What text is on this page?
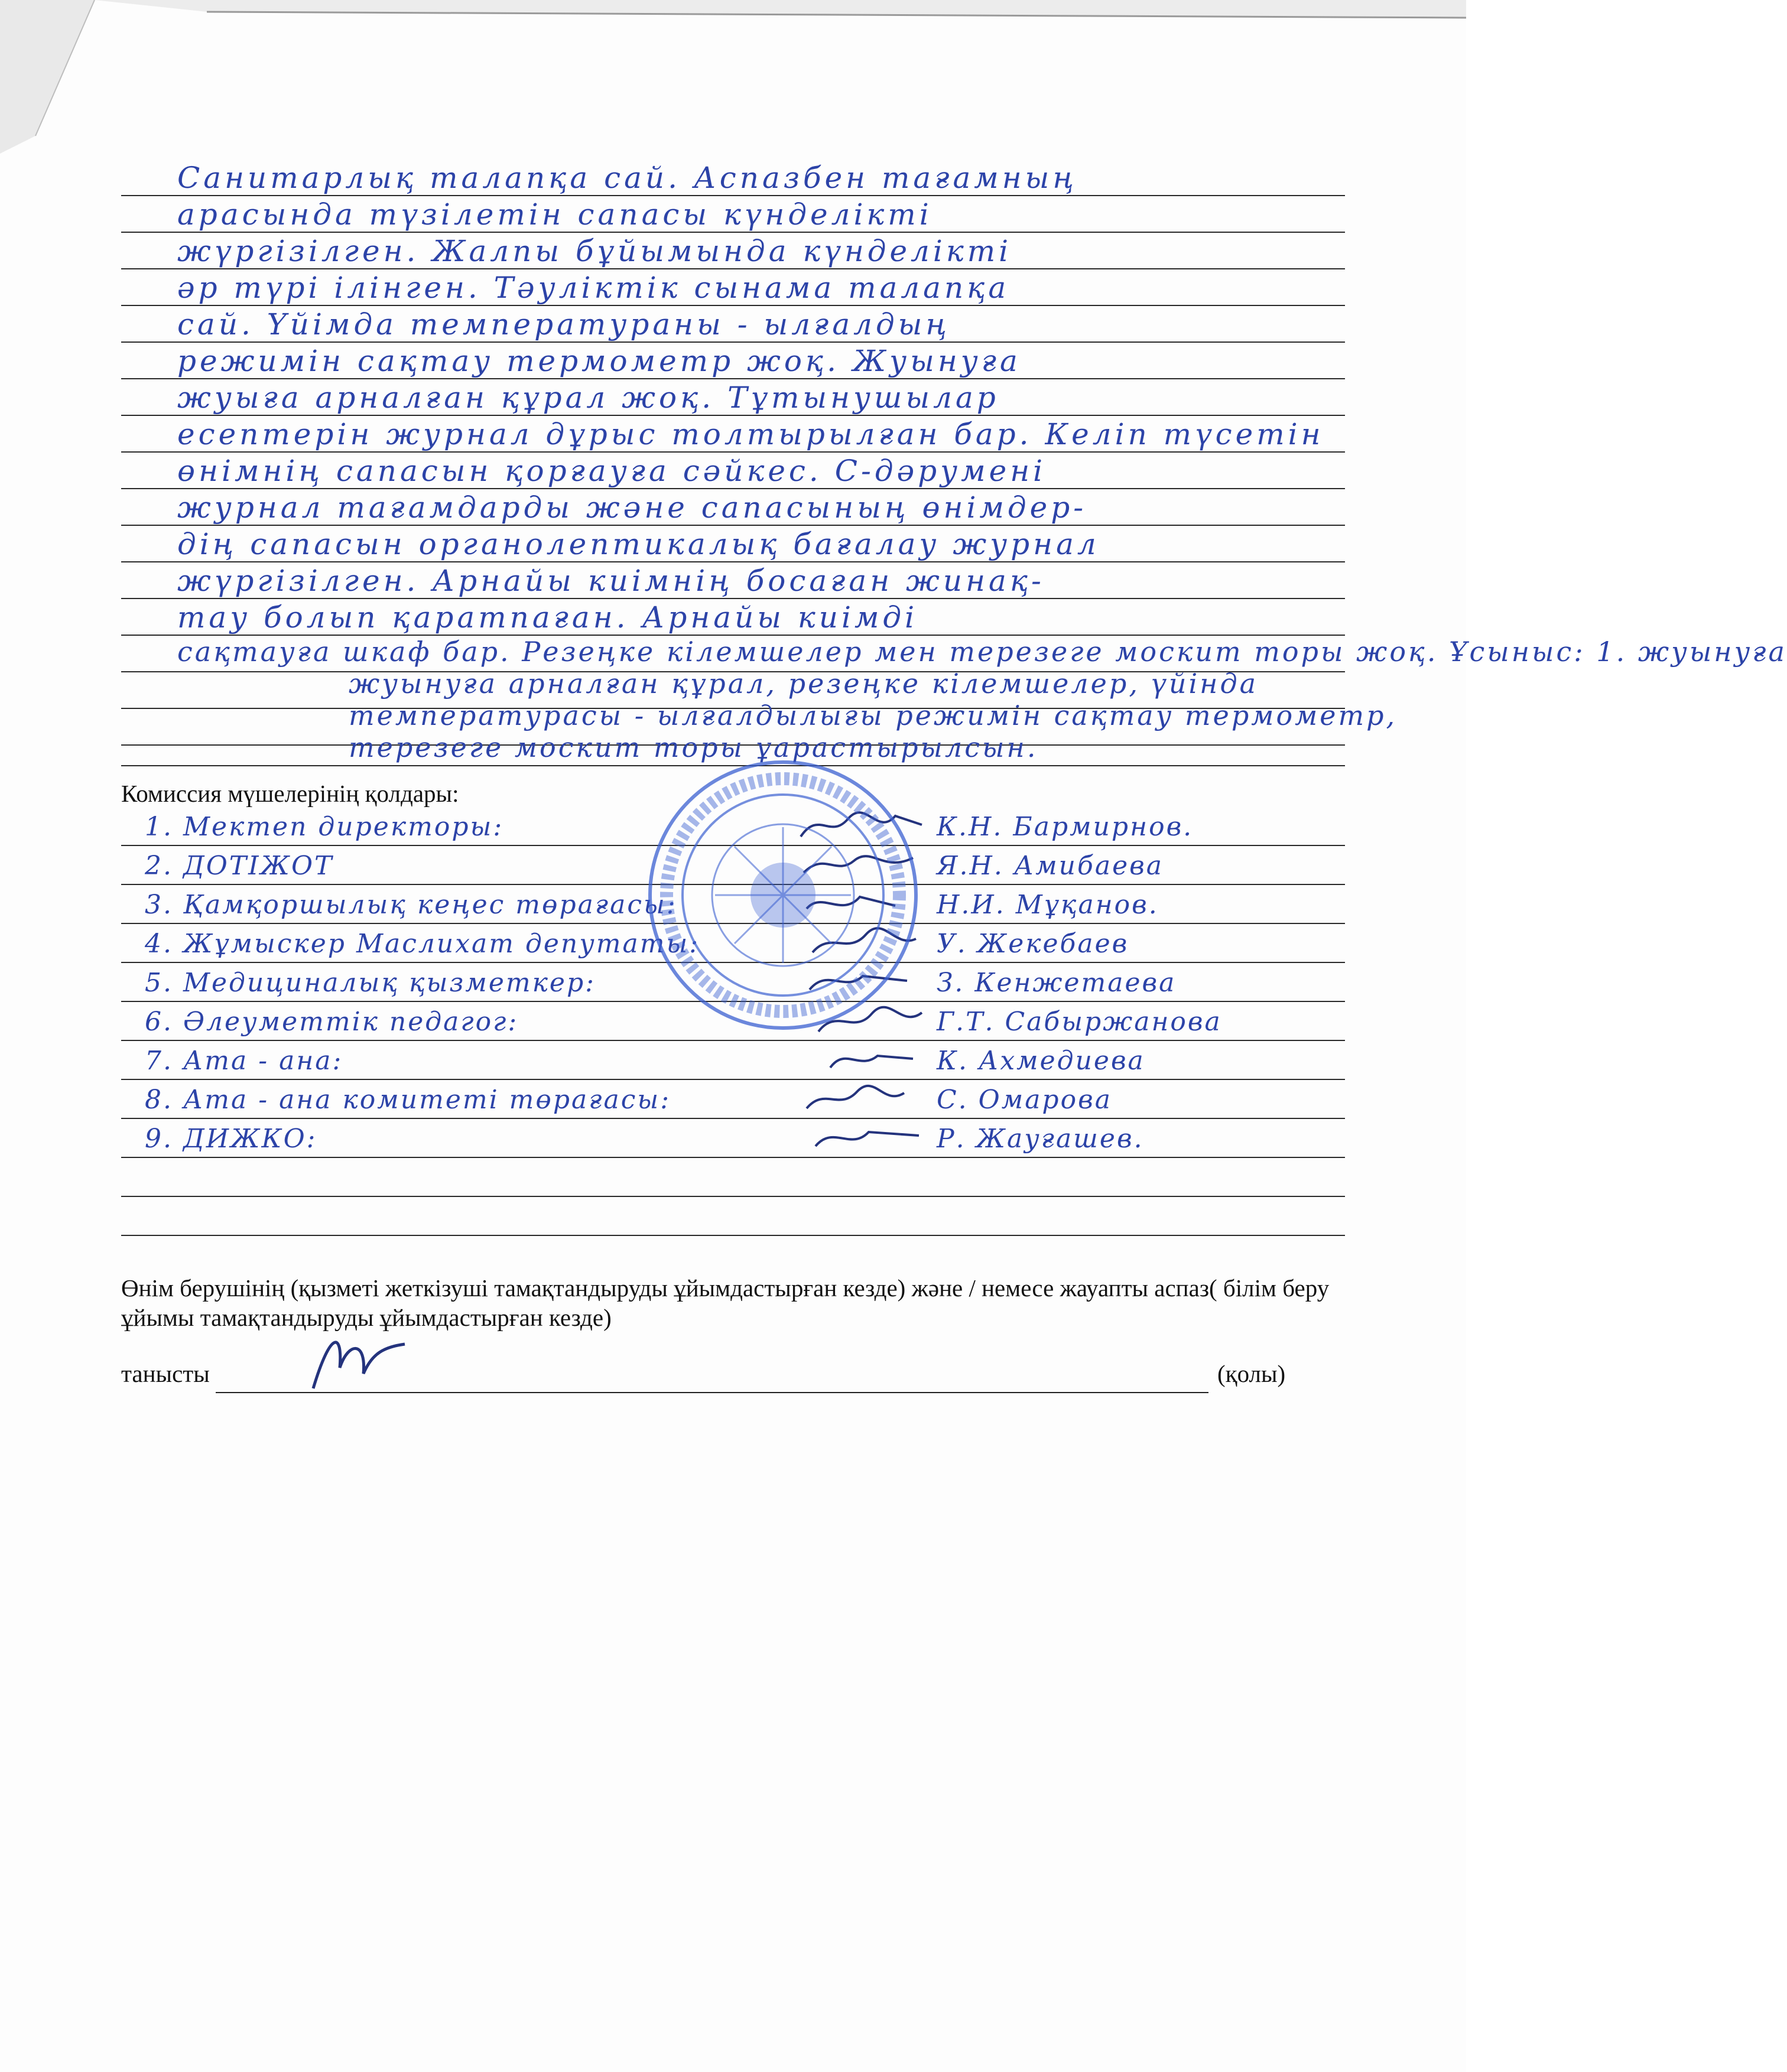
Санитарлық талапқа сай. Аспазбен тағамның
арасында түзілетін сапасы күнделікті
жүргізілген. Жалпы бұйымында күнделікті
әр түрі ілінген. Тәуліктік сынама талапқа
сай. Үйімда температураны - ылғалдың
режимін сақтау термометр жоқ. Жуынуға
жуыға арналған құрал жоқ. Тұтынушылар
есептерін журнал дұрыс толтырылған бар. Келіп түсетін
өнімнің сапасын қорғауға сәйкес. С-дәрумені
журнал тағамдарды және сапасының өнімдер-
дің сапасын органолептикалық бағалау журнал
жүргізілген. Арнайы киімнің босаған жинақ-
тау болып қаратпаған. Арнайы киімді
сақтауға шкаф бар. Резеңке кілемшелер мен терезеге москит торы жоқ. Ұсыныс: 1. жуынуға
жуынуға арналған құрал, резеңке кілемшелер, үйінда
температурасы - ылғалдылығы режимін сақтау термометр,
терезеге москит торы ұарастырылсын.
Комиссия мүшелерінің қолдары:
1. Мектеп директоры:	К.Н. Бармирнов.
2. ДОТІЖОТ	Я.Н. Амибаева
3. Қамқоршылық кеңес төрағасы:	Н.И. Мұқанов.
4. Жұмыскер Маслихат депутаты:	У. Жекебаев
5. Медициналық қызметкер:	З. Кенжетаева
6. Әлеуметтік педагог:	Г.Т. Сабыржанова
7. Ата - ана:	К. Ахмедиева
8. Ата - ана комитеті төрағасы:	С. Омарова
9. ДИЖКО:	Р. Жауғашев.
Өнім берушінің (қызмeті жеткізуші тамақтандыруды ұйымдастырған кезде) және / немесе жауапты аспаз( білім беру ұйымы тамақтандыруды ұйымдастырған кезде)
танысты	(қолы)
